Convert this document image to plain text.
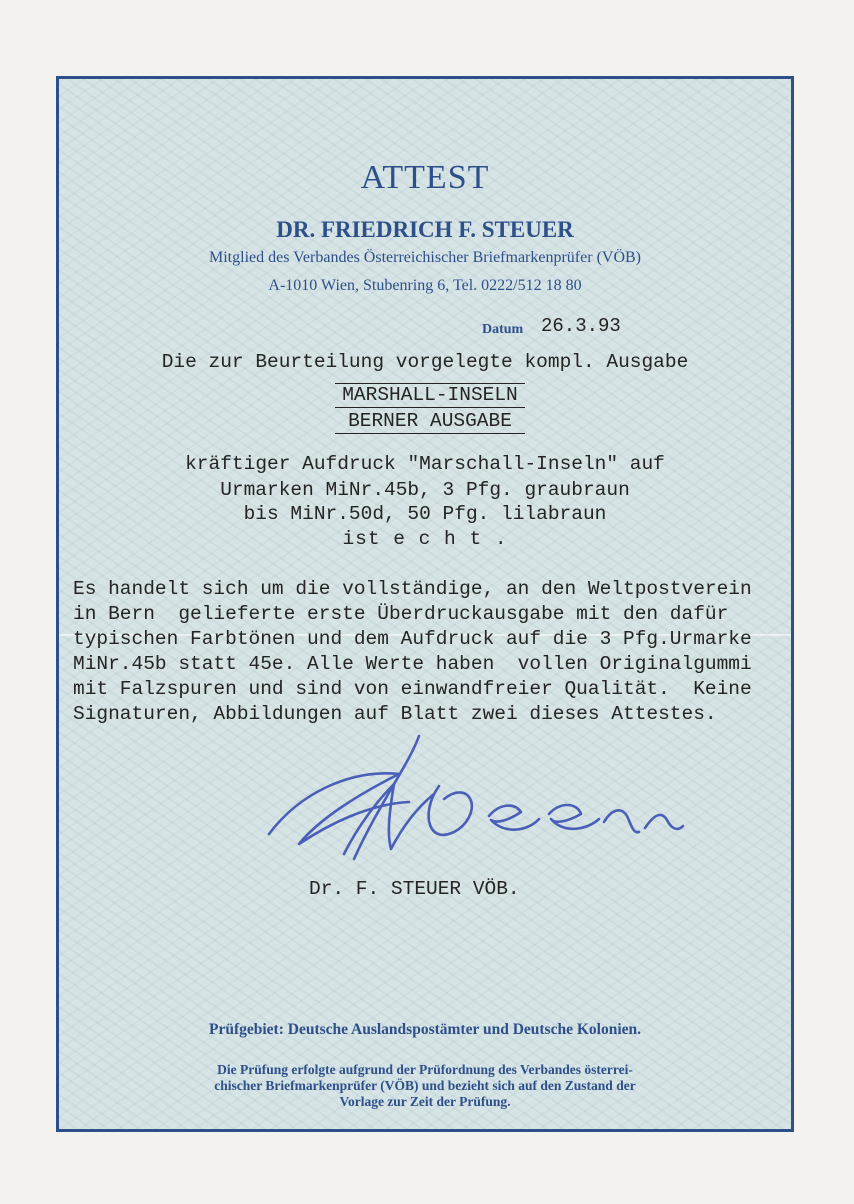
ATTEST
DR. FRIEDRICH F. STEUER
Mitglied des Verbandes Österreichischer Briefmarkenprüfer (VÖB)
A-1010 Wien, Stubenring 6, Tel. 0222/512 18 80
Datum 26.3.93
Die zur Beurteilung vorgelegte kompl. Ausgabe
MARSHALL-INSELN
BERNER AUSGABE
kräftiger Aufdruck "Marschall-Inseln" auf
Urmarken MiNr.45b, 3 Pfg. graubraun
bis MiNr.50d, 50 Pfg. lilabraun
ist e c h t .
Es handelt sich um die vollständige, an den Weltpostverein
in Bern  gelieferte erste Überdruckausgabe mit den dafür
typischen Farbtönen und dem Aufdruck auf die 3 Pfg.Urmarke
MiNr.45b statt 45e. Alle Werte haben  vollen Originalgummi
mit Falzspuren und sind von einwandfreier Qualität.  Keine
Signaturen, Abbildungen auf Blatt zwei dieses Attestes.
Dr. F. STEUER VÖB.
Prüfgebiet: Deutsche Auslandspostämter und Deutsche Kolonien.
Die Prüfung erfolgte aufgrund der Prüfordnung des Verbandes österrei-
chischer Briefmarkenprüfer (VÖB) und bezieht sich auf den Zustand der
Vorlage zur Zeit der Prüfung.
